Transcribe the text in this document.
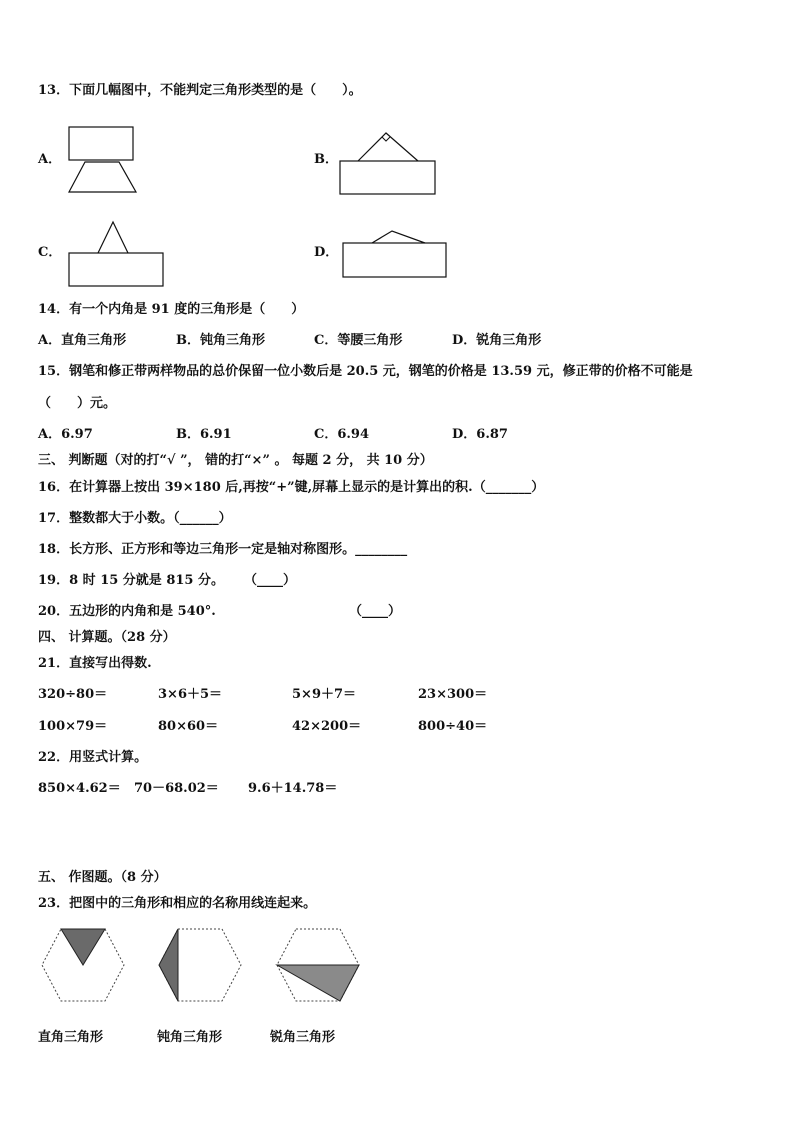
13．下面几幅图中，不能判定三角形类型的是（　　）。
A．	B．
C．	D．
14．有一个内角是 91 度的三角形是（　　）
A．直角三角形	B．钝角三角形	C．等腰三角形	D．锐角三角形
15．钢笔和修正带两样物品的总价保留一位小数后是 20.5 元，钢笔的价格是 13.59 元，修正带的价格不可能是
（　　）元。
A．6.97	B．6.91	C．6.94	D．6.87
三、 判断题（对的打“√ ”， 错的打“×” 。 每题 2 分， 共 10 分）
16．在计算器上按出 39×180 后,再按“+”键,屏幕上显示的是计算出的积.（_______）
17．整数都大于小数。（______）
18．长方形、正方形和等边三角形一定是轴对称图形。________
19．8 时 15 分就是 815 分。 （____）
20．五边形的内角和是 540°.	（____）
四、 计算题。（28 分）
21．直接写出得数.
320÷80＝	3×6＋5＝	5×9＋7＝	23×300＝
100×79＝	80×60＝	42×200＝	800÷40＝
22．用竖式计算。
850×4.62＝ 70－68.02＝ 9.6＋14.78＝
五、 作图题。（8 分）
23．把图中的三角形和相应的名称用线连起来。
直角三角形	钝角三角形	锐角三角形
